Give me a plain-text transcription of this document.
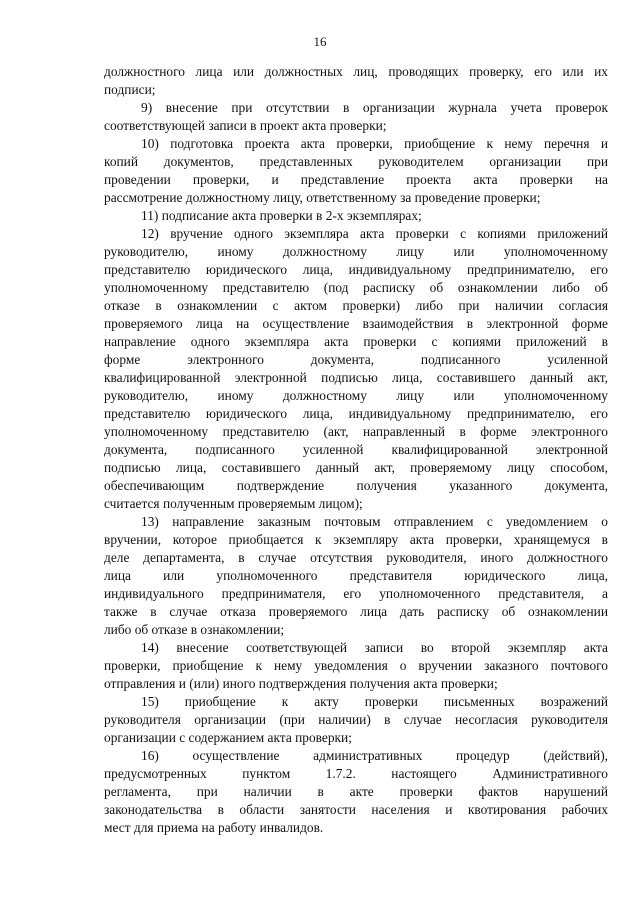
16
должностного лица или должностных лиц, проводящих проверку, его или их
подписи;
9) внесение при отсутствии в организации журнала учета проверок
соответствующей записи в проект акта проверки;
10) подготовка проекта акта проверки, приобщение к нему перечня и
копий документов, представленных руководителем организации при
проведении проверки, и представление проекта акта проверки на
рассмотрение должностному лицу, ответственному за проведение проверки;
11) подписание акта проверки в 2-х экземплярах;
12) вручение одного экземпляра акта проверки с копиями приложений
руководителю, иному должностному лицу или уполномоченному
представителю юридического лица, индивидуальному предпринимателю, его
уполномоченному представителю (под расписку об ознакомлении либо об
отказе в ознакомлении с актом проверки) либо при наличии согласия
проверяемого лица на осуществление взаимодействия в электронной форме
направление одного экземпляра акта проверки с копиями приложений в
форме электронного документа, подписанного усиленной
квалифицированной электронной подписью лица, составившего данный акт,
руководителю, иному должностному лицу или уполномоченному
представителю юридического лица, индивидуальному предпринимателю, его
уполномоченному представителю (акт, направленный в форме электронного
документа, подписанного усиленной квалифицированной электронной
подписью лица, составившего данный акт, проверяемому лицу способом,
обеспечивающим подтверждение получения указанного документа,
считается полученным проверяемым лицом);
13) направление заказным почтовым отправлением с уведомлением о
вручении, которое приобщается к экземпляру акта проверки, хранящемуся в
деле департамента, в случае отсутствия руководителя, иного должностного
лица или уполномоченного представителя юридического лица,
индивидуального предпринимателя, его уполномоченного представителя, а
также в случае отказа проверяемого лица дать расписку об ознакомлении
либо об отказе в ознакомлении;
14) внесение соответствующей записи во второй экземпляр акта
проверки, приобщение к нему уведомления о вручении заказного почтового
отправления и (или) иного подтверждения получения акта проверки;
15) приобщение к акту проверки письменных возражений
руководителя организации (при наличии) в случае несогласия руководителя
организации с содержанием акта проверки;
16) осуществление административных процедур (действий),
предусмотренных пунктом 1.7.2. настоящего Административного
регламента, при наличии в акте проверки фактов нарушений
законодательства в области занятости населения и квотирования рабочих
мест для приема на работу инвалидов.
